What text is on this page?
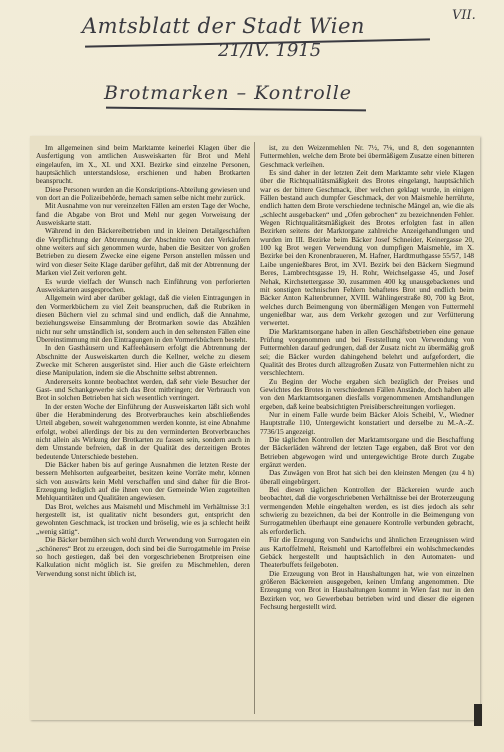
VII.
Amtsblatt der Stadt Wien
21/IV. 1915
Brotmarken – Kontrolle

Im allgemeinen sind beim Marktamte keinerlei Klagen über die Ausfertigung von amtlichen Ausweiskarten für Brot und Mehl eingelaufen, im X., XI. und XXI. Bezirke sind einzelne Personen, hauptsächlich unterstandslose, erschienen und haben Brotkarten beansprucht.

Diese Personen wurden an die Konskriptions-Abteilung gewiesen und von dort an die Polizeibehörde, hernach samen selbe nicht mehr zurück.

Mit Ausnahme von nur vereinzelten Fällen am ersten Tage der Woche, fand die Abgabe von Brot und Mehl nur gegen Vorweisung der Ausweiskarte statt.

Während in den Bäckereibetrieben und in kleinen Detailgeschäften die Verpflichtung der Abtrennung der Abschnitte von den Verkäufern ohne weiters auf sich genommen wurde, haben die Besitzer von großen Betrieben zu diesem Zwecke eine eigene Person anstellen müssen und wird von dieser Seite Klage darüber geführt, daß mit der Abtrennung der Marken viel Zeit verloren geht.

Es wurde vielfach der Wunsch nach Einführung von perforierten Ausweiskarten ausgesprochen.

Allgemein wird aber darüber geklagt, daß die vielen Eintragungen in den Vormerkbüchern zu viel Zeit beanspruchen, daß die Rubriken in diesen Büchern viel zu schmal sind und endlich, daß die Annahme, beziehungsweise Einsammlung der Brotmarken sowie das Abzählen nicht nur sehr umständlich ist, sondern auch in den seltensten Fällen eine Übereinstimmung mit den Eintragungen in den Vormerkbüchern besteht.

In den Gasthäusern und Kaffeehäusern erfolgt die Abtrennung der Abschnitte der Ausweiskarten durch die Kellner, welche zu diesem Zwecke mit Scheren ausgerüstet sind. Hier auch die Gäste erleichtern diese Manipulation, indem sie die Abschnitte selbst abtrennen.

Andererseits konnte beobachtet werden, daß sehr viele Besucher der Gast- und Schankgewerbe sich das Brot mitbringen; der Verbrauch von Brot in solchen Betrieben hat sich wesentlich verringert.

In der ersten Woche der Einführung der Ausweiskarten läßt sich wohl über die Herabminderung des Brotverbrauches kein abschließendes Urteil abgeben, soweit wahrgenommen werden konnte, ist eine Abnahme erfolgt, wobei allerdings der bis zu den verminderten Brotverbrauches nicht allein als Wirkung der Brotkarten zu fassen sein, sondern auch in dem Umstande befreien, daß in der Qualität des derzeitigen Brotes bedeutende Unterschiede bestehen.

Die Bäcker haben bis auf geringe Ausnahmen die letzten Reste der bessern Mehlsorten aufgearbeitet, besitzen keine Vorräte mehr, können sich von auswärts kein Mehl verschaffen und sind daher für die Brot-Erzeugung lediglich auf die ihnen von der Gemeinde Wien zugeteilten Mehlquantitäten und Qualitäten angewiesen.

Das Brot, welches aus Maismehl und Mischmehl im Verhältnisse 3:1 hergestellt ist, ist qualitativ nicht besonders gut, entspricht den gewohnten Geschmack, ist trocken und bröselig, wie es ja schlecht heißt „wenig sättig“.

Die Bäcker bemühen sich wohl durch Verwendung von Surrogaten ein „schöneres“ Brot zu erzeugen, doch sind bei die Surrogatmehle im Preise so hoch gestiegen, daß bei den vorgeschriebenen Brotpreisen eine Kalkulation nicht möglich ist. Sie greifen zu Mischmehlen, deren Verwendung sonst nicht üblich ist,

ist, zu den Weizenmehlen Nr. 7½, 7⅛, und 8, den sogenannten Futtermehlen, welche dem Brote bei übermäßigem Zusatze einen bitteren Geschmack verleihen.

Es sind daher in der letzten Zeit dem Marktamte sehr viele Klagen über die Richtqualitätsmäßigkeit des Brotes eingelangt, hauptsächlich war es der bittere Geschmack, über welchen geklagt wurde, in einigen Fällen bestand auch dumpfer Geschmack, der von Maismehle herrührte, endlich hatten dem Brote verschiedene technische Mängel an, wie die als „schlecht ausgebacken“ und „Ofen gebrochen“ zu bezeichnenden Fehler. Wegen Richtqualitätsmäßigkeit des Brotes erfolgten fast in allen Bezirken seitens der Marktorgane zahlreiche Anzeigehandlungen und wurden im III. Bezirke beim Bäcker Josef Schneider, Keinergasse 20, 100 kg Brot wegen Verwendung von dumpfigen Maismehle, im X. Bezirke bei den Kronenbraueren, M. Hafner, Hardtmuthgasse 55/57, 148 Laibe ungenießbares Brot, im XVI. Bezirk bei den Bäckern Siegmund Beres, Lambrechtsgasse 19, H. Rohr, Weichselgasse 45, und Josef Nehak, Kirchstettergasse 30, zusammen 400 kg unausgebackenes und mit sonstigen technischen Fehlern behaftetes Brot und endlich beim Bäcker Anton Kaltenbrunner, XVIII. Wählingerstraße 80, 700 kg Brot, welches durch Beimengung von übermäßigen Mengen von Futtermehl ungenießbar war, aus dem Verkehr gezogen und zur Verfütterung verwertet.

Die Marktamtsorgane haben in allen Geschäftsbetrieben eine genaue Prüfung vorgenommen und bei Feststellung von Verwendung von Futtermehlen darauf gedrungen, daß der Zusatz nicht zu übermäßig groß sei; die Bäcker wurden dahingehend belehrt und aufgefordert, die Qualität des Brotes durch allzugroßen Zusatz von Futtermehlen nicht zu verschlechtern.

Zu Beginn der Woche ergaben sich bezüglich der Preises und Gewichtes des Brotes in verschiedenen Fällen Anstände, doch haben alle von den Marktamtsorganen diesfalls vorgenommenen Amtshandlungen ergeben, daß keine beabsichtigten Preisüberschreitungen vorliegen.

Nur in einem Falle wurde beim Bäcker Alois Scheibl, V., Wiedner Hauptstraße 110, Untergewicht konstatiert und derselbe zu M.-A.-Z. 7736/15 angezeigt.

Die täglichen Kontrollen der Marktamtsorgane und die Beschaffung der Bäckerläden während der letzten Tage ergaben, daß Brot vor den Betrieben abgewogen wird und untergewichtige Brote durch Zugabe ergänzt werden.

Das Zuwägen von Brot hat sich bei den kleinsten Mengen (zu 4 h) überall eingebürgert.

Bei diesen täglichen Kontrollen der Bäckereien wurde auch beobachtet, daß die vorgeschriebenen Verhältnisse bei der Broterzeugung vermengenden Mehle eingehalten werden, es ist dies jedoch als sehr schwierig zu bezeichnen, da bei der Kontrolle in die Beimengung von Surrogatmehlen überhaupt eine genauere Kontrolle verbunden gebracht, als erforderlich.

Für die Erzeugung von Sandwichs und ähnlichen Erzeugnissen wird aus Kartoffelmehl, Reismehl und Kartoffelbrei ein wohlschmeckendes Gebäck hergestellt und hauptsächlich in den Automaten- und Theaterbuffets feilgeboten.

Die Erzeugung von Brot in Haushaltungen hat, wie von einzelnen größeren Bäckereien ausgegeben, keinen Umfang angenommen. Die Erzeugung von Brot in Haushaltungen kommt in Wien fast nur in den Bezirken vor, wo Gewerbebau betrieben wird und dieser die eigenen Fechsung hergestellt wird.
